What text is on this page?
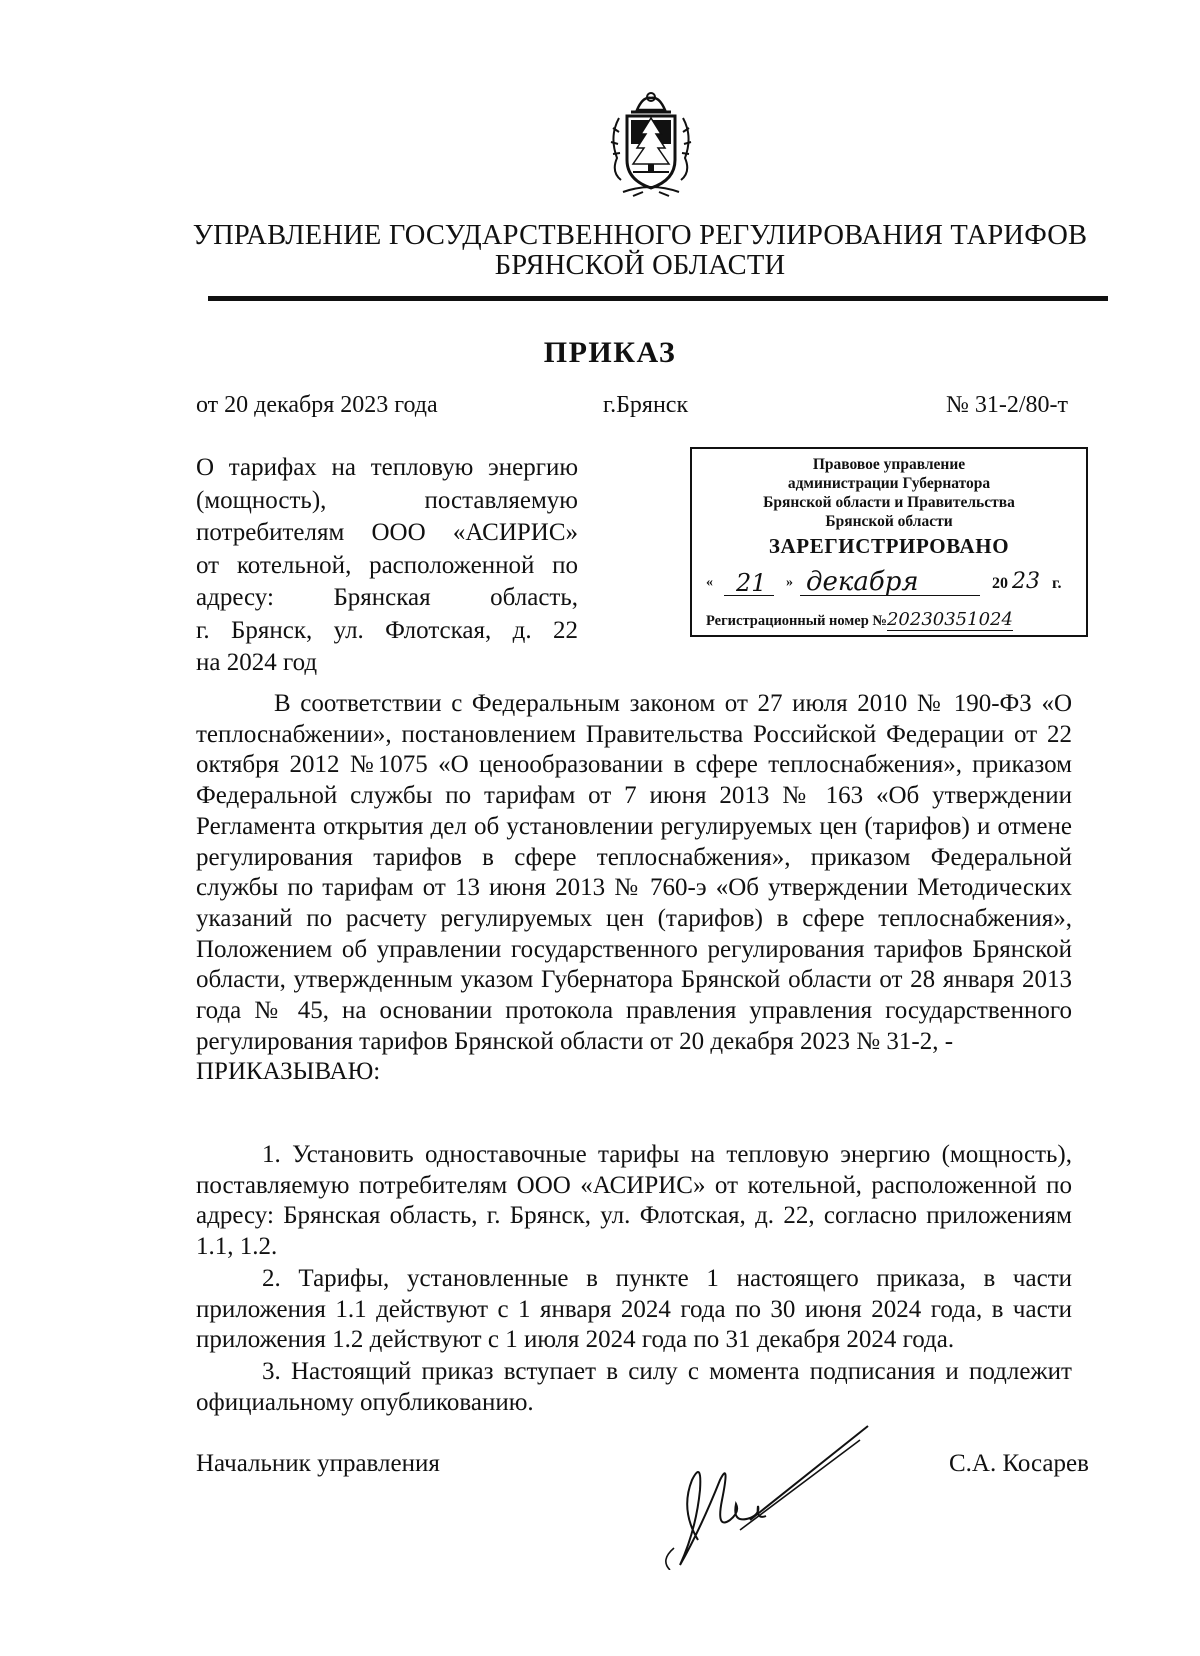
УПРАВЛЕНИЕ ГОСУДАРСТВЕННОГО РЕГУЛИРОВАНИЯ ТАРИФОВ
БРЯНСКОЙ ОБЛАСТИ
ПРИКАЗ
от 20 декабря 2023 года	г.Брянск	№ 31-2/80-т
О тарифах на тепловую энергию
(мощность), поставляемую
потребителям ООО «АСИРИС»
от котельной, расположенной по
адресу: Брянская область,
г. Брянск, ул. Флотская, д. 22
на 2024 год
Правовое управление
администрации Губернатора
Брянской области и Правительства
Брянской области
ЗАРЕГИСТРИРОВАНО
« 21 » декабря	20 23 г.
Регистрационный номер №20230351024
В соответствии с Федеральным законом от 27 июля 2010 № 190-ФЗ «О теплоснабжении», постановлением Правительства Российской Федерации от 22 октября 2012 №1075 «О ценообразовании в сфере теплоснабжения», приказом Федеральной службы по тарифам от 7 июня 2013 № 163 «Об утверждении Регламента открытия дел об установлении регулируемых цен (тарифов) и отмене регулирования тарифов в сфере теплоснабжения», приказом Федеральной службы по тарифам от 13 июня 2013 № 760-э «Об утверждении Методических указаний по расчету регулируемых цен (тарифов) в сфере теплоснабжения», Положением об управлении государственного регулирования тарифов Брянской области, утвержденным указом Губернатора Брянской области от 28 января 2013 года № 45, на основании протокола правления управления государственного регулирования тарифов Брянской области от 20 декабря 2023 № 31-2, -
ПРИКАЗЫВАЮ:
1. Установить одноставочные тарифы на тепловую энергию (мощность), поставляемую потребителям ООО «АСИРИС» от котельной, расположенной по адресу: Брянская область, г. Брянск, ул. Флотская, д. 22, согласно приложениям 1.1, 1.2.
2. Тарифы, установленные в пункте 1 настоящего приказа, в части приложения 1.1 действуют с 1 января 2024 года по 30 июня 2024 года, в части приложения 1.2 действуют с 1 июля 2024 года по 31 декабря 2024 года.
3. Настоящий приказ вступает в силу с момента подписания и подлежит официальному опубликованию.
Начальник управления	С.А. Косарев
